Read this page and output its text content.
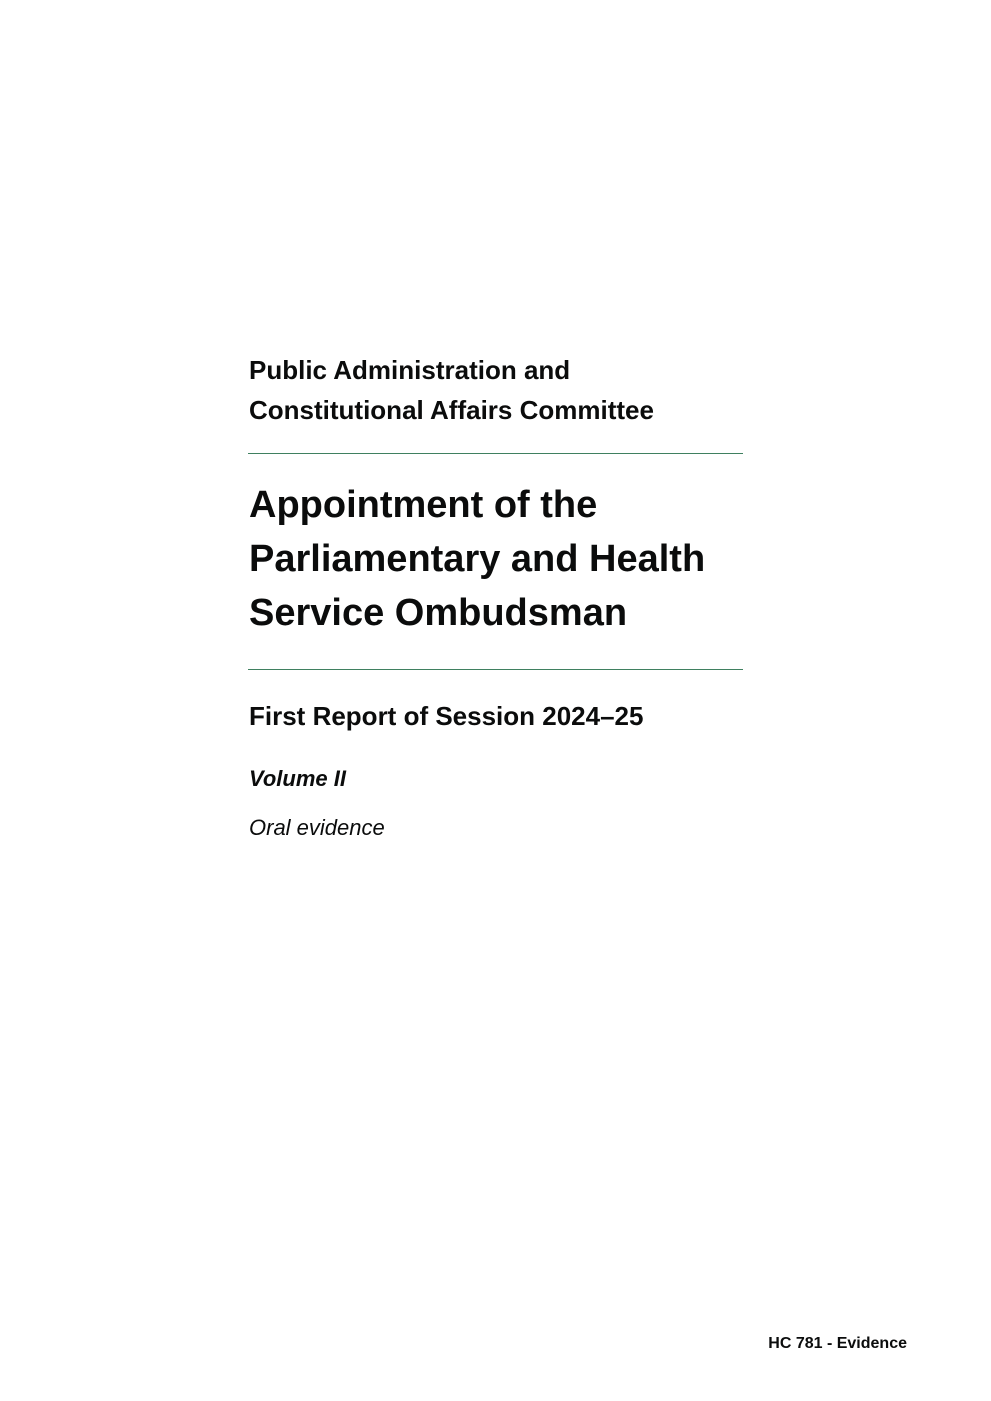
Public Administration and
Constitutional Affairs Committee
Appointment of the
Parliamentary and Health
Service Ombudsman
First Report of Session 2024–25
Volume II
Oral evidence
HC 781 - Evidence
